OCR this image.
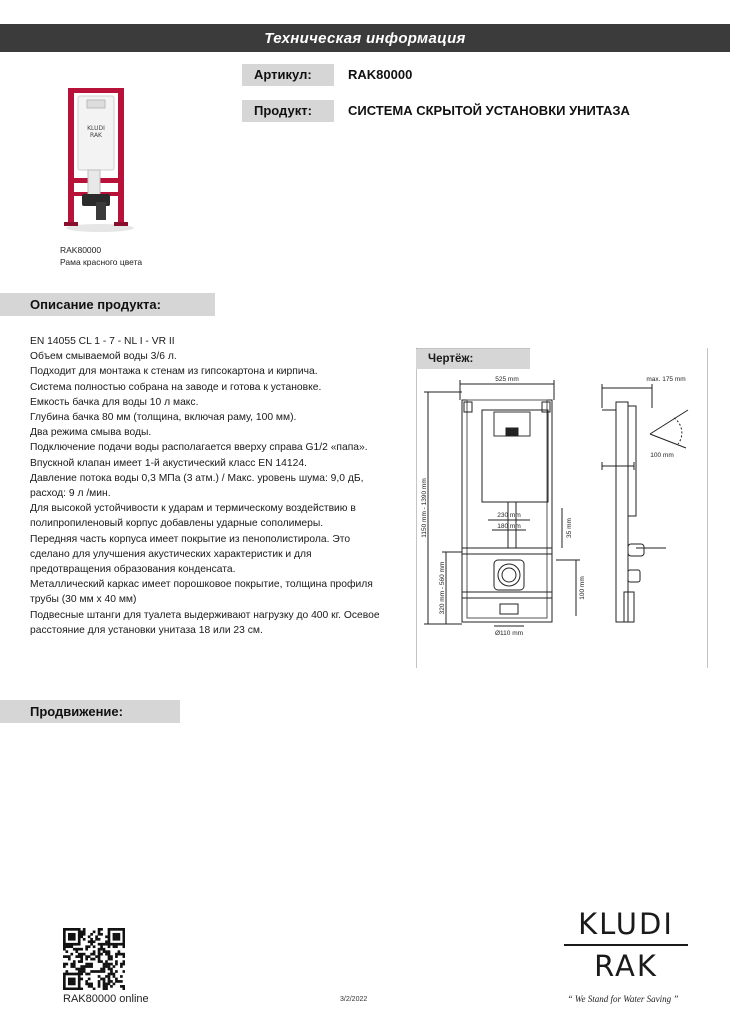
Техническая информация
KLUDI
RAK
RAK80000
Рама красного цвета
Артикул:	RAK80000
Продукт:	СИСТЕМА СКРЫТОЙ УСТАНОВКИ УНИТАЗА
Описание продукта:
EN 14055 CL 1 - 7 - NL I - VR II
Объем смываемой воды 3/6 л.
Подходит для монтажа к стенам из гипсокартона и кирпича.
Система полностью собрана на заводе и готова к установке.
Емкость бачка для воды 10 л макс.
Глубина бачка 80 мм (толщина, включая раму, 100 мм).
Два режима смыва воды.
Подключение подачи воды располагается вверху справа G1/2 «папа».
Впускной клапан имеет 1-й акустический класс EN 14124.
Давление потока воды 0,3 МПа (3 атм.) / Макс. уровень шума: 9,0 дБ,
расход: 9 л /мин.
Для высокой устойчивости к ударам и термическому воздействию в
полипропиленовый корпус добавлены ударные сополимеры.
Передняя часть корпуса имеет покрытие из пенополистирола. Это
сделано для улучшения акустических характеристик и для
предотвращения образования конденсата.
Металлический каркас имеет порошковое покрытие, толщина профиля
трубы (30 мм x 40 мм)
Подвесные штанги для туалета выдерживают нагрузку до 400 кг. Осевое
расстояние для установки унитаза 18 или 23 см.
525 mm	max. 175 mm
100 mm
230 mm
180 mm
Ø110 mm
1150 mm - 1390 mm
320 mm - 560 mm
35 mm
100 mm
Чертёж:
Продвижение:
RAK80000 online	3/2/2022
KLUDI
RAK
“ We Stand for Water Saving ”
